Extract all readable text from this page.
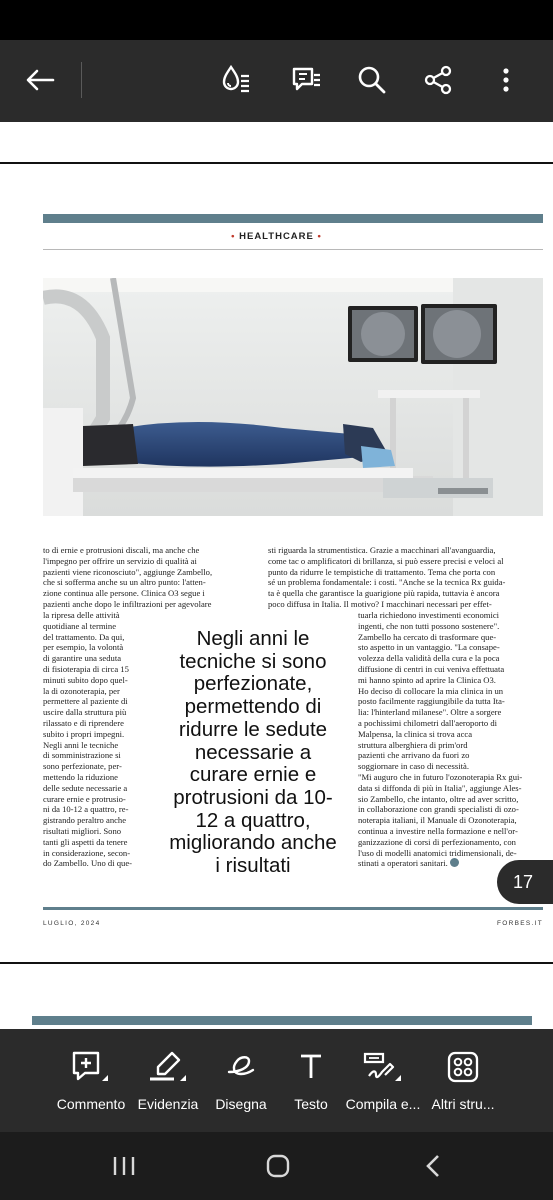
• HEALTHCARE •
to di ernie e protrusioni discali, ma anche che
l'impegno per offrire un servizio di qualità ai
pazienti viene riconosciuto", aggiunge Zambello,
che si sofferma anche su un altro punto: l'atten-
zione continua alle persone. Clinica O3 segue i
pazienti anche dopo le infiltrazioni per agevolare
la ripresa delle attività
quotidiane al termine
del trattamento. Da qui,
per esempio, la volontà
di garantire una seduta
di fisioterapia di circa 15
minuti subito dopo quel-
la di ozonoterapia, per
permettere al paziente di
uscire dalla struttura più
rilassato e di riprendere
subito i propri impegni.
Negli anni le tecniche
di somministrazione si
sono perfezionate, per-
mettendo la riduzione
delle sedute necessarie a
curare ernie e protrusio-
ni da 10-12 a quattro, re-
gistrando peraltro anche
risultati migliori. Sono
tanti gli aspetti da tenere
in considerazione, secon-
do Zambello. Uno di que-
sti riguarda la strumentistica. Grazie a macchinari all'avanguardia,
come tac o amplificatori di brillanza, si può essere precisi e veloci al
punto da ridurre le tempistiche di trattamento. Tema che porta con
sé un problema fondamentale: i costi. "Anche se la tecnica Rx guida-
ta è quella che garantisce la guarigione più rapida, tuttavia è ancora
poco diffusa in Italia. Il motivo? I macchinari necessari per effet-
tuarla richiedono investimenti economici
ingenti, che non tutti possono sostenere".
Zambello ha cercato di trasformare que-
sto aspetto in un vantaggio. "La consape-
volezza della validità della cura e la poca
diffusione di centri in cui veniva effettuata
mi hanno spinto ad aprire la Clinica O3.
Ho deciso di collocare la mia clinica in un
posto facilmente raggiungibile da tutta Ita-
lia: l'hinterland milanese". Oltre a sorgere
a pochissimi chilometri dall'aeroporto di
Malpensa, la clinica si trova acca
struttura alberghiera di prim'ord
pazienti che arrivano da fuori zo
soggiornare in caso di necessità.
"Mi auguro che in futuro l'ozonoterapia Rx gui-
data si diffonda di più in Italia", aggiunge Ales-
sio Zambello, che intanto, oltre ad aver scritto,
in collaborazione con grandi specialisti di ozo-
noterapia italiani, il Manuale di Ozonoterapia,
continua a investire nella formazione e nell'or-
ganizzazione di corsi di perfezionamento, con
l'uso di modelli anatomici tridimensionali, de-
stinati a operatori sanitari.
Negli anni le tecniche si sono perfezionate, permettendo di ridurre le sedute necessarie a curare ernie e protrusioni da 10-12 a quattro, migliorando anche i risultati
LUGLIO, 2024	FORBES.IT
17
Commento Evidenzia Disegna Testo Compila e... Altri stru...
